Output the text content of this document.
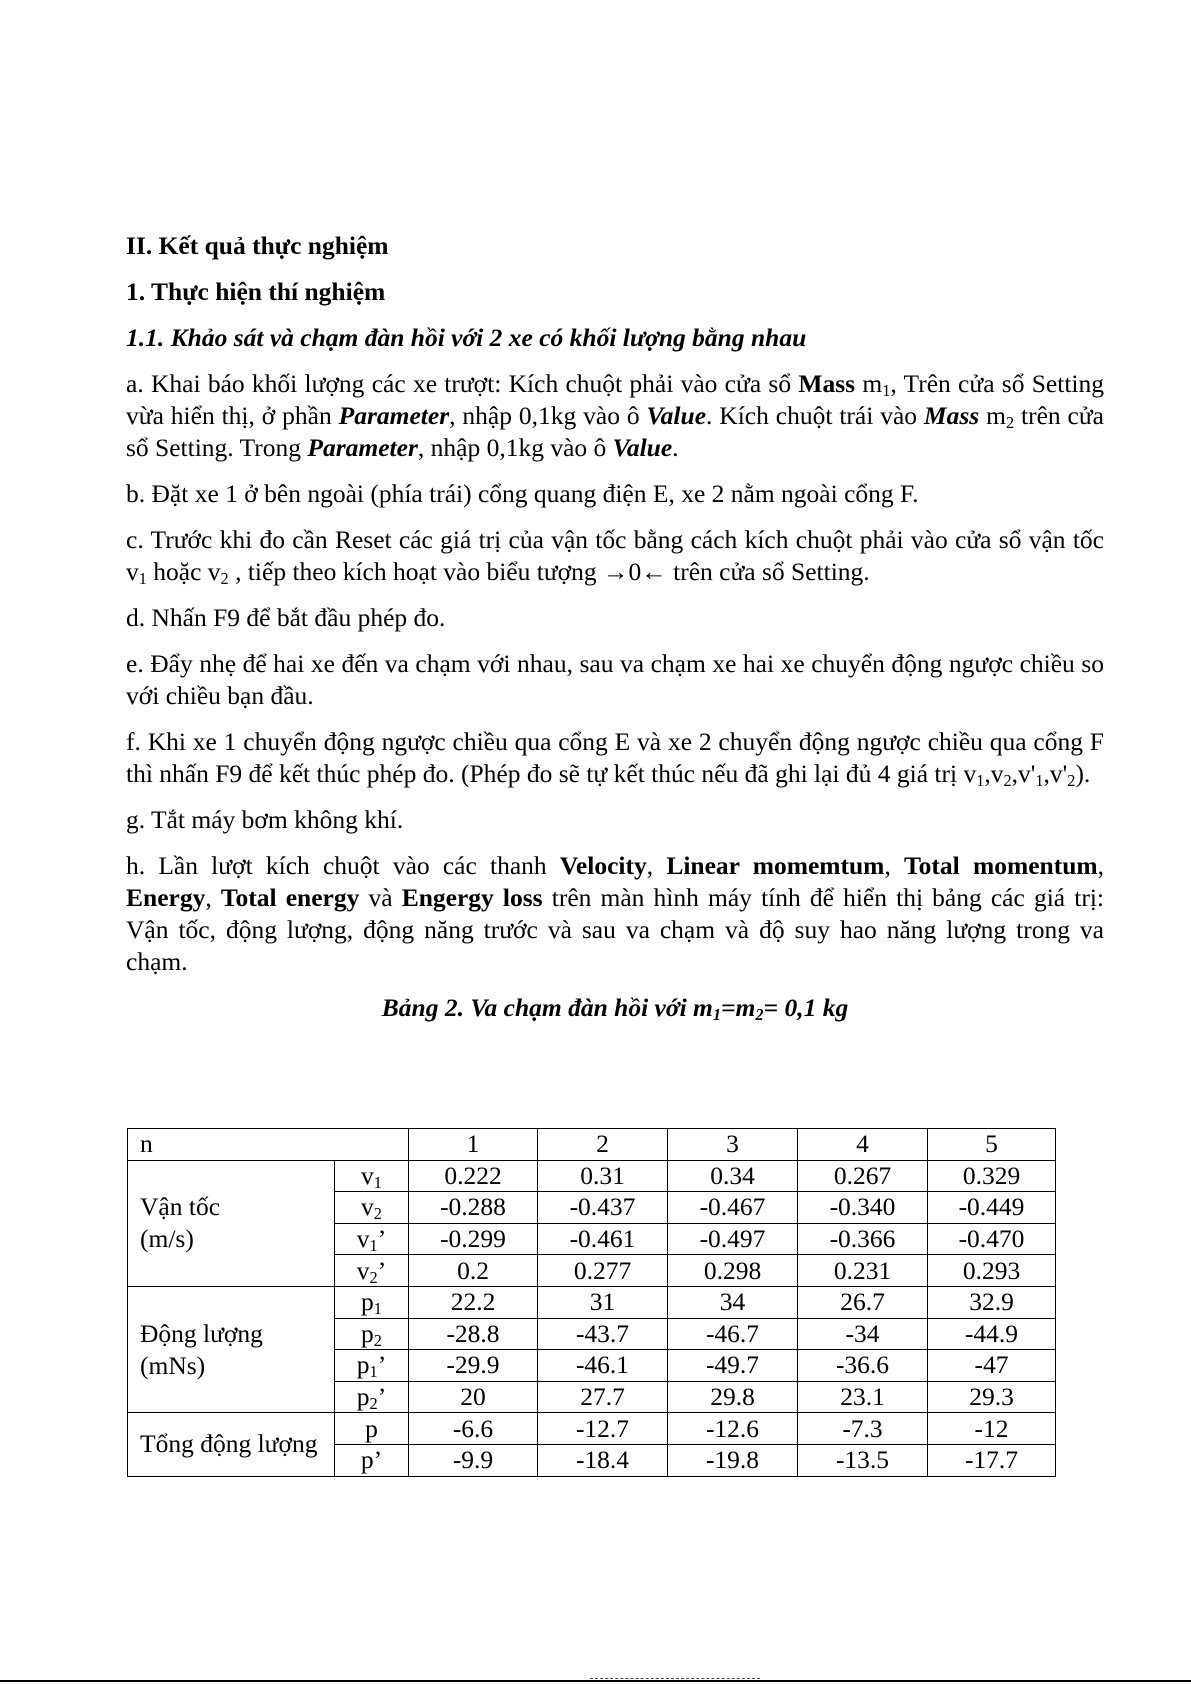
II. Kết quả thực nghiệm
1. Thực hiện thí nghiệm
1.1. Khảo sát và chạm đàn hồi với 2 xe có khối lượng bằng nhau

a. Khai báo khối lượng các xe trượt: Kích chuột phải vào cửa sổ Mass $m_1$, Trên cửa sổ Setting vừa hiển thị, ở phần Parameter, nhập 0,1kg vào ô Value. Kích chuột trái vào Mass $m_2$ trên cửa sổ Setting. Trong Parameter, nhập 0,1kg vào ô Value.

b. Đặt xe 1 ở bên ngoài (phía trái) cổng quang điện E, xe 2 nằm ngoài cổng F.

c. Trước khi đo cần Reset các giá trị của vận tốc bằng cách kích chuột phải vào cửa sổ vận tốc $v_1$ hoặc $v_2$ , tiếp theo kích hoạt vào biểu tượng →0← trên cửa sổ Setting.

d. Nhấn F9 để bắt đầu phép đo.

e. Đẩy nhẹ để hai xe đến va chạm với nhau, sau va chạm xe hai xe chuyển động ngược chiều so với chiều bạn đầu.

f. Khi xe 1 chuyển động ngược chiều qua cổng E và xe 2 chuyển động ngược chiều qua cổng F thì nhấn F9 để kết thúc phép đo. (Phép đo sẽ tự kết thúc nếu đã ghi lại đủ 4 giá trị $v_1,v_2,v'_1,v'_2$).

g. Tắt máy bơm không khí.

h. Lần lượt kích chuột vào các thanh Velocity, Linear momemtum, Total momentum, Energy, Total energy và Engergy loss trên màn hình máy tính để hiển thị bảng các giá trị: Vận tốc, động lượng, động năng trước và sau va chạm và độ suy hao năng lượng trong va chạm.

Bảng 2. Va chạm đàn hồi với $m_1=m_2= 0,1$ kg
n		1	2	3	4	5
Vận tốc
(m/s)	$v_1$	0.222	0.31	0.34	0.267	0.329
	$v_2$	-0.288	-0.437	-0.467	-0.340	-0.449
	$v_1$’	-0.299	-0.461	-0.497	-0.366	-0.470
	$v_2$’	0.2	0.277	0.298	0.231	0.293
Động lượng
(mNs)	$p_1$	22.2	31	34	26.7	32.9
	$p_2$	-28.8	-43.7	-46.7	-34	-44.9
	$p_1$’	-29.9	-46.1	-49.7	-36.6	-47
	$p_2$’	20	27.7	29.8	23.1	29.3
Tổng động lượng	p	-6.6	-12.7	-12.6	-7.3	-12
	p’	-9.9	-18.4	-19.8	-13.5	-17.7
